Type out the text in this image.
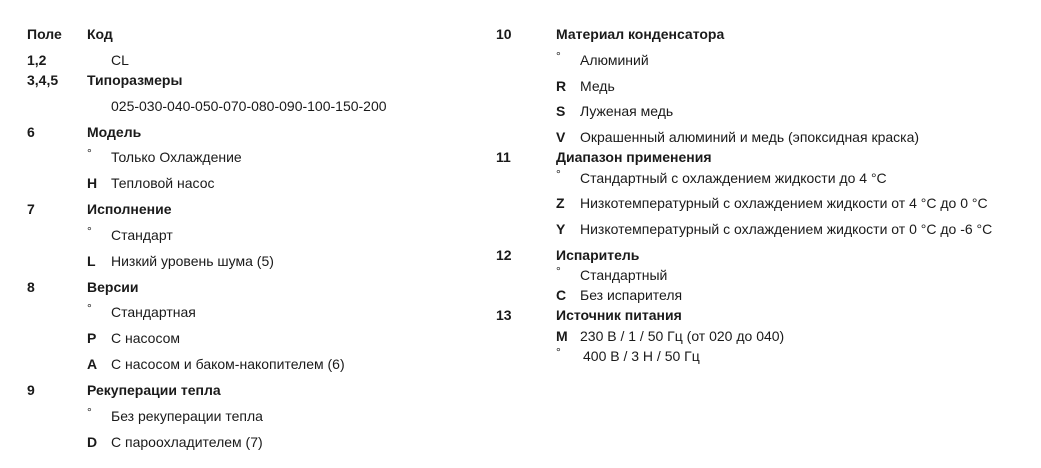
Поле Код
1,2	CL
3,4,5 Типоразмеры
025-030-040-050-070-080-090-100-150-200
6	Модель
° Только Охлаждение
H Тепловой насос
7	Исполнение
° Стандарт
L Низкий уровень шума (5)
8	Версии
° Стандартная
P С насосом
A С насосом и баком-накопителем (6)
9	Рекуперации тепла
° Без рекуперации тепла
D С пароохладителем (7)
10	Материал конденсатора
° Алюминий
R Медь
S Луженая медь
V Окрашенный алюминий и медь (эпоксидная краска)
11	Диапазон применения
° Стандартный с охлаждением жидкости до 4 °C
Z Низкотемпературный с охлаждением жидкости от 4 °C до 0 °C
Y Низкотемпературный с охлаждением жидкости от 0 °C до -6 °C
12	Испаритель
° Стандартный
C Без испарителя
13	Источник питания
M 230 В / 1 / 50 Гц (от 020 до 040)
° 400 В / 3 Н / 50 Гц
